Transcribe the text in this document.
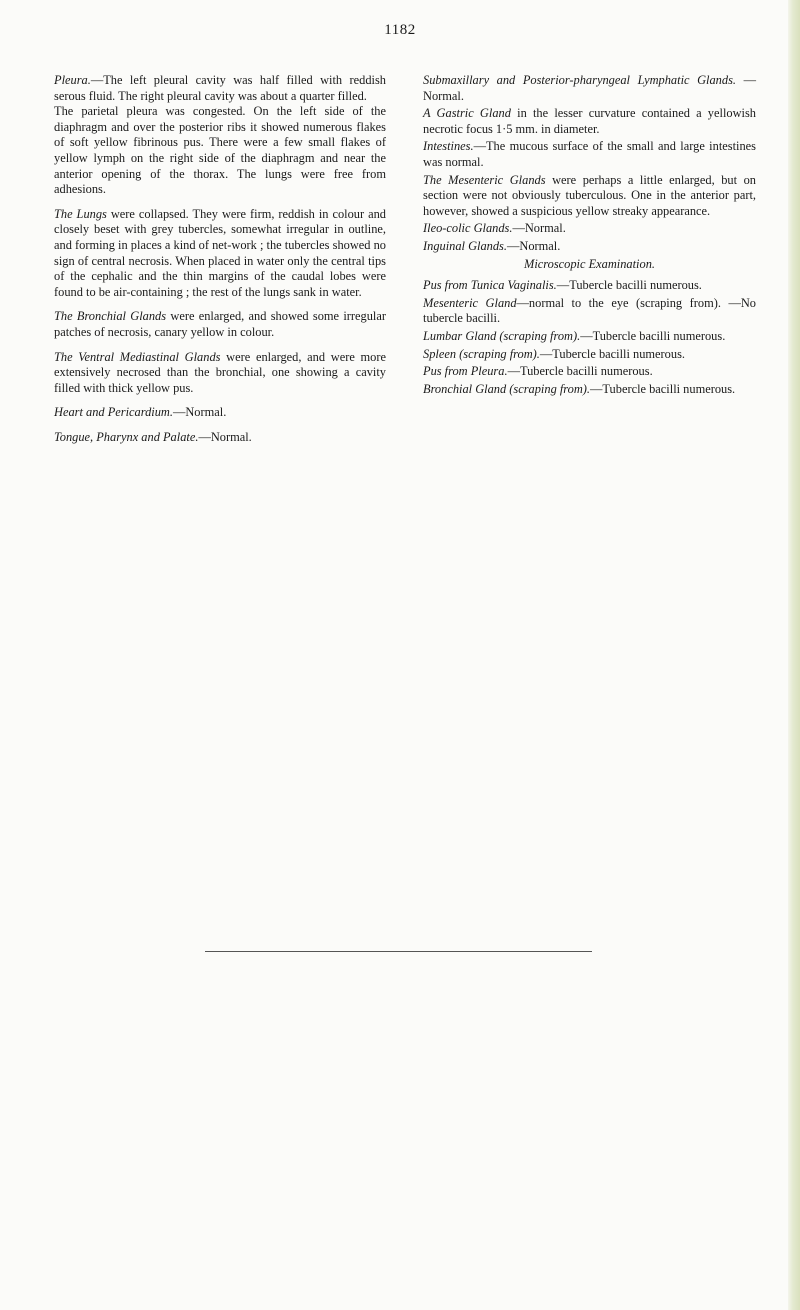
1182

Pleura.—The left pleural cavity was half filled with reddish serous fluid. The right pleural cavity was about a quarter filled.

The parietal pleura was congested. On the left side of the diaphragm and over the posterior ribs it showed numerous flakes of soft yellow fibrinous pus. There were a few small flakes of yellow lymph on the right side of the diaphragm and near the anterior opening of the thorax. The lungs were free from adhesions.

The Lungs were collapsed. They were firm, reddish in colour and closely beset with grey tubercles, somewhat irregular in outline, and forming in places a kind of net-work ; the tubercles showed no sign of central necrosis. When placed in water only the central tips of the cephalic and the thin margins of the caudal lobes were found to be air-containing ; the rest of the lungs sank in water.

The Bronchial Glands were enlarged, and showed some irregular patches of necrosis, canary yellow in colour.

The Ventral Mediastinal Glands were enlarged, and were more extensively necrosed than the bronchial, one showing a cavity filled with thick yellow pus.

Heart and Pericardium.—Normal.

Tongue, Pharynx and Palate.—Normal.

Submaxillary and Posterior-pharyngeal Lymphatic Glands. —Normal.

A Gastric Gland in the lesser curvature contained a yellowish necrotic focus 1·5 mm. in diameter.

Intestines.—The mucous surface of the small and large intestines was normal.

The Mesenteric Glands were perhaps a little enlarged, but on section were not obviously tuberculous. One in the anterior part, however, showed a suspicious yellow streaky appearance.

Ileo-colic Glands.—Normal.

Inguinal Glands.—Normal.

Microscopic Examination.

Pus from Tunica Vaginalis.—Tubercle bacilli numerous.

Mesenteric Gland—normal to the eye (scraping from). —No tubercle bacilli.

Lumbar Gland (scraping from).—Tubercle bacilli numerous.

Spleen (scraping from).—Tubercle bacilli numerous.

Pus from Pleura.—Tubercle bacilli numerous.

Bronchial Gland (scraping from).—Tubercle bacilli numerous.
